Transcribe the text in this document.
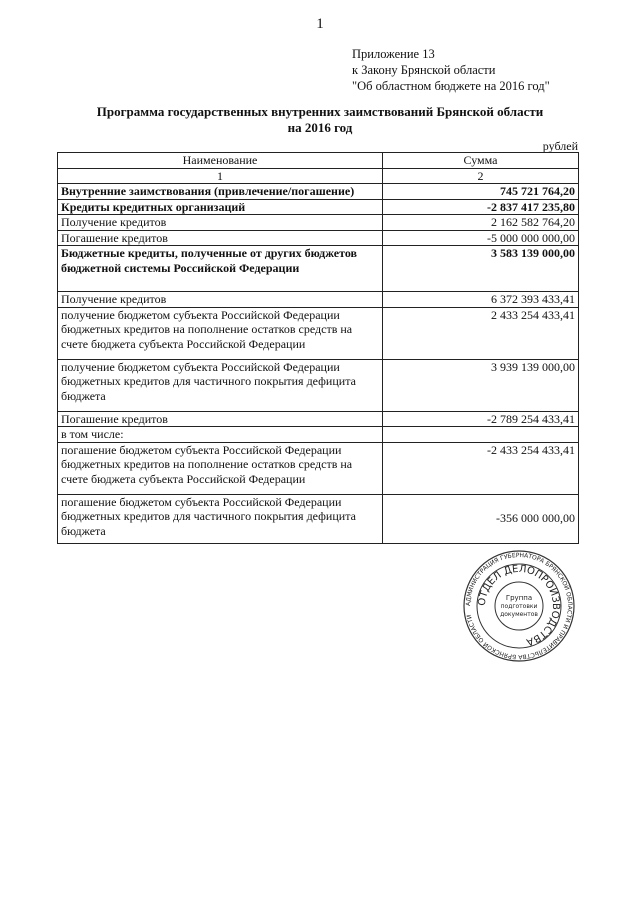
1
Приложение 13
к Закону Брянской области
"Об областном бюджете на 2016 год"
Программа государственных внутренних заимствований Брянской области
на 2016 год
рублей
Наименование	Сумма
1	2
Внутренние заимствования (привлечение/погашение)	745 721 764,20
Кредиты кредитных организаций	-2 837 417 235,80
Получение кредитов	2 162 582 764,20
Погашение кредитов	-5 000 000 000,00
Бюджетные кредиты, полученные от других бюджетов бюджетной системы Российской Федерации	3 583 139 000,00
Получение кредитов	6 372 393 433,41
получение бюджетом субъекта Российской Федерации бюджетных кредитов на пополнение остатков средств на счете бюджета субъекта Российской Федерации	2 433 254 433,41
получение бюджетом субъекта Российской Федерации бюджетных кредитов для частичного покрытия дефицита бюджета	3 939 139 000,00
Погашение кредитов	-2 789 254 433,41
в том числе:	
погашение бюджетом субъекта Российской Федерации бюджетных кредитов на пополнение остатков средств на счете бюджета субъекта Российской Федерации	-2 433 254 433,41
погашение бюджетом субъекта Российской Федерации бюджетных кредитов для частичного покрытия дефицита бюджета	-356 000 000,00
АДМИНИСТРАЦИЯ ГУБЕРНАТОРА БРЯНСКОЙ ОБЛАСТИ И ПРАВИТЕЛЬСТВА БРЯНСКОЙ ОБЛАСТИ
ОТДЕЛ ДЕЛОПРОИЗВОДСТВА
Группа
подготовки
документов
